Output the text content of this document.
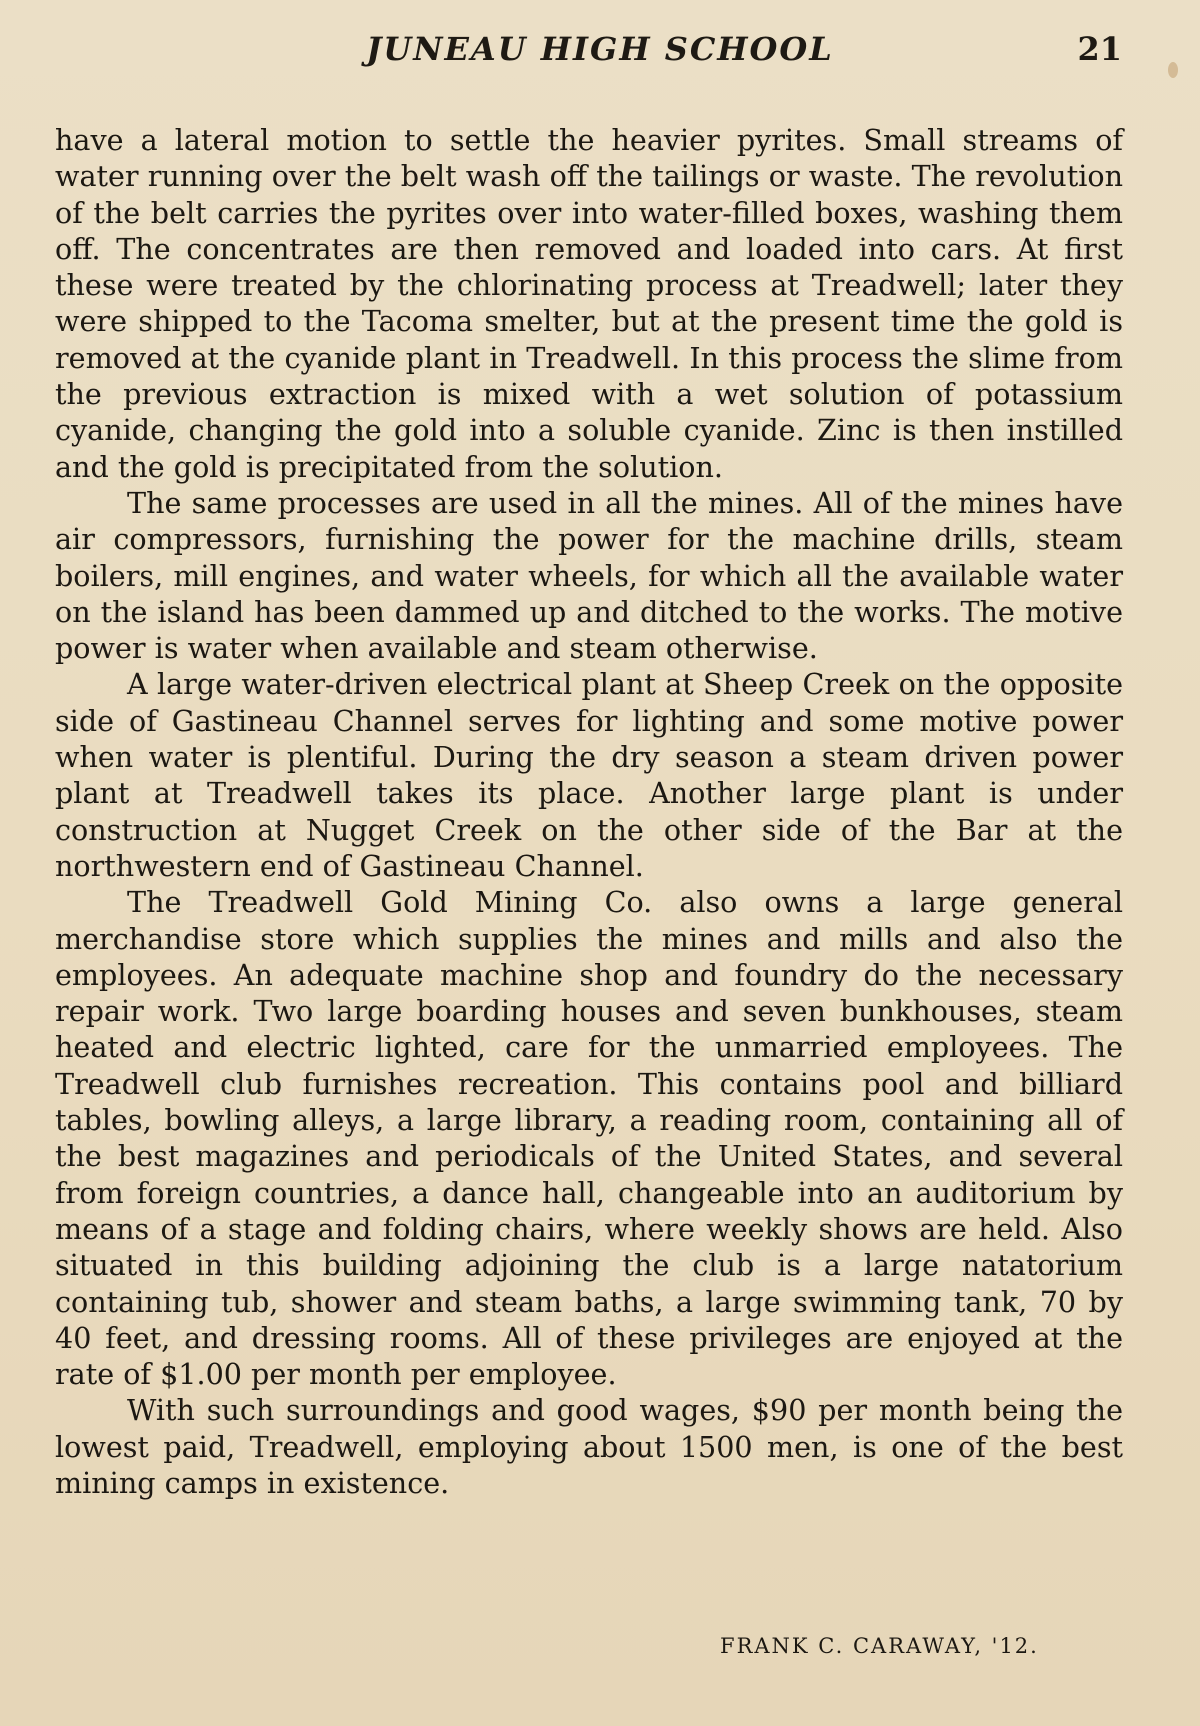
JUNEAU HIGH SCHOOL	21

have a lateral motion to settle the heavier pyrites. Small streams of water running over the belt wash off the tailings or waste. The revolution of the belt carries the pyrites over into water-filled boxes, washing them off. The concentrates are then removed and loaded into cars. At first these were treated by the chlorinating process at Treadwell; later they were shipped to the Tacoma smelter, but at the present time the gold is removed at the cyanide plant in Treadwell. In this process the slime from the previous extraction is mixed with a wet solution of potassium cyanide, changing the gold into a soluble cyanide. Zinc is then instilled and the gold is precipitated from the solution.

The same processes are used in all the mines. All of the mines have air compressors, furnishing the power for the machine drills, steam boilers, mill engines, and water wheels, for which all the available water on the island has been dammed up and ditched to the works. The motive power is water when available and steam otherwise.

A large water-driven electrical plant at Sheep Creek on the opposite side of Gastineau Channel serves for lighting and some motive power when water is plentiful. During the dry season a steam driven power plant at Treadwell takes its place. Another large plant is under construction at Nugget Creek on the other side of the Bar at the northwestern end of Gastineau Channel.

The Treadwell Gold Mining Co. also owns a large general merchandise store which supplies the mines and mills and also the employees. An adequate machine shop and foundry do the necessary repair work. Two large boarding houses and seven bunkhouses, steam heated and electric lighted, care for the unmarried employees. The Treadwell club furnishes recreation. This contains pool and billiard tables, bowling alleys, a large library, a reading room, containing all of the best magazines and periodicals of the United States, and several from foreign countries, a dance hall, changeable into an auditorium by means of a stage and folding chairs, where weekly shows are held. Also situated in this building adjoining the club is a large natatorium containing tub, shower and steam baths, a large swimming tank, 70 by 40 feet, and dressing rooms. All of these privileges are enjoyed at the rate of $1.00 per month per employee.

With such surroundings and good wages, $90 per month being the lowest paid, Treadwell, employing about 1500 men, is one of the best mining camps in existence.

FRANK C. CARAWAY, '12.
